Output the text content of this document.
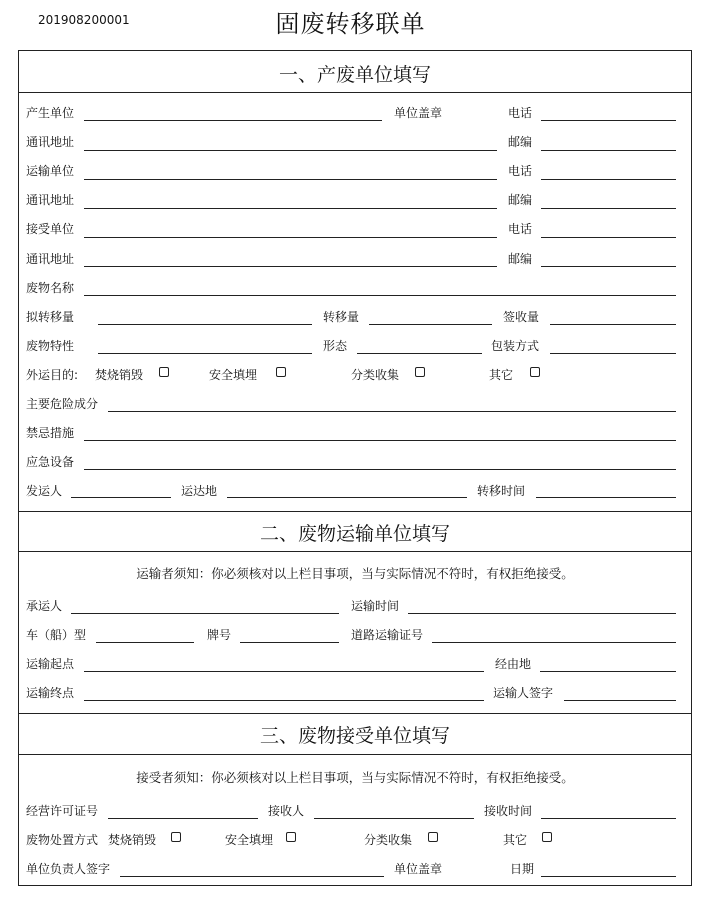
201908200001	固废转移联单
一、产废单位填写
产生单位	单位盖章	电话
通讯地址	邮编
运输单位	电话
通讯地址	邮编
接受单位	电话
通讯地址	邮编
废物名称
拟转移量	转移量	签收量
废物特性	形态	包装方式
外运目的: 焚烧销毁	安全填埋	分类收集	其它
主要危险成分
禁忌措施
应急设备
发运人	运达地	转移时间
二、废物运输单位填写
运输者须知：你必须核对以上栏目事项，当与实际情况不符时，有权拒绝接受。
承运人	运输时间
车（船）型	牌号	道路运输证号
运输起点	经由地
运输终点	运输人签字
三、废物接受单位填写
接受者须知：你必须核对以上栏目事项，当与实际情况不符时，有权拒绝接受。
经营许可证号	接收人	接收时间
废物处置方式 焚烧销毁	安全填埋	分类收集	其它
单位负责人签字	单位盖章	日期
